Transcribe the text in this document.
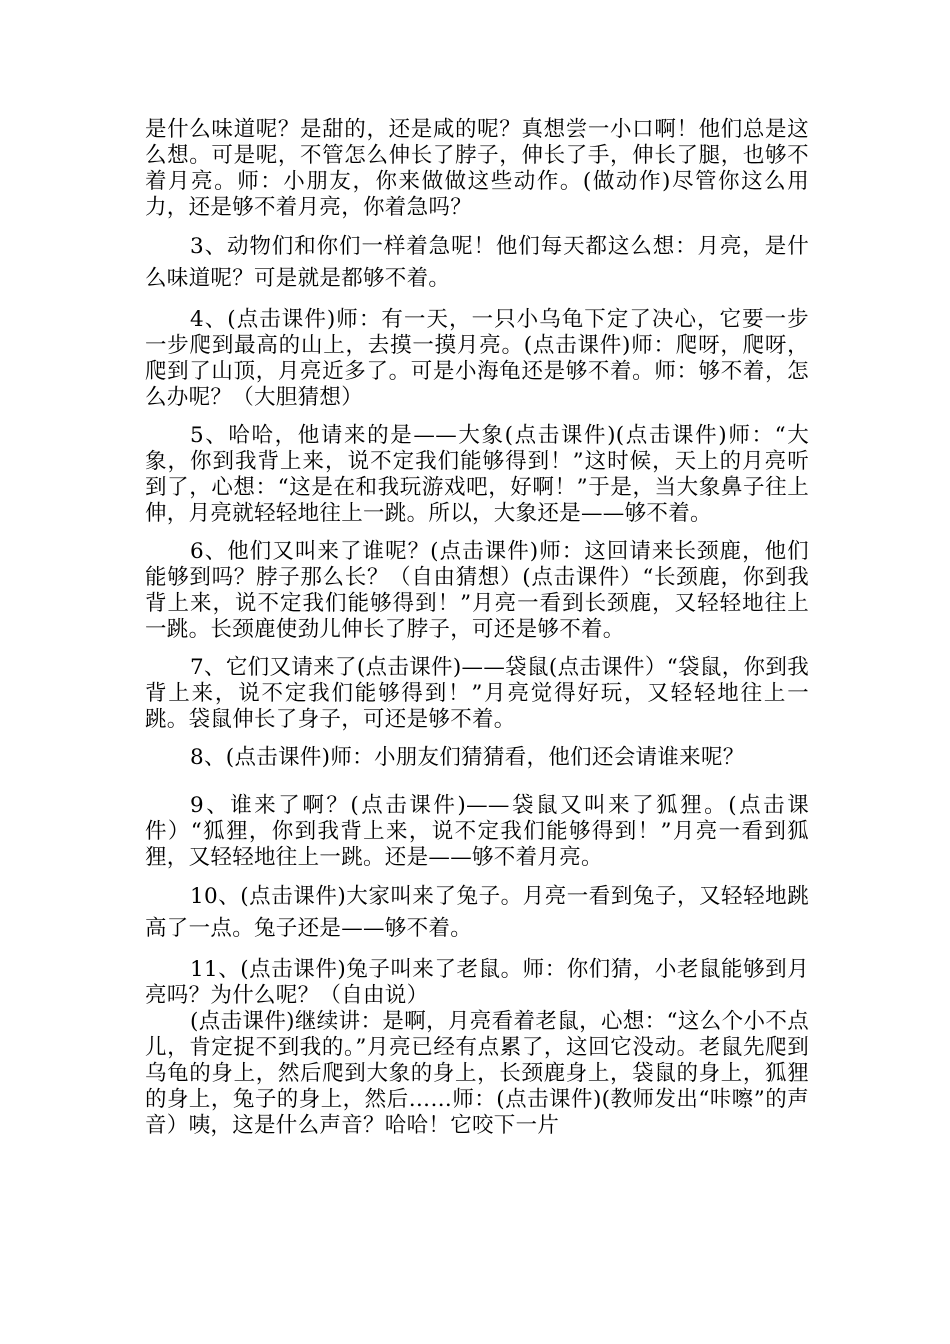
是什么味道呢？是甜的，还是咸的呢？真想尝一小口啊！他们总是这么想。可是呢，不管怎么伸长了脖子，伸长了手，伸长了腿，也够不着月亮。师：小朋友，你来做做这些动作。(做动作)尽管你这么用力，还是够不着月亮，你着急吗？

3、动物们和你们一样着急呢！他们每天都这么想：月亮，是什么味道呢？可是就是都够不着。

4、(点击课件)师：有一天，一只小乌龟下定了决心，它要一步一步爬到最高的山上，去摸一摸月亮。(点击课件)师：爬呀，爬呀，爬到了山顶，月亮近多了。可是小海龟还是够不着。师：够不着，怎么办呢？（大胆猜想）

5、哈哈，他请来的是——大象(点击课件)(点击课件)师：“大象，你到我背上来，说不定我们能够得到！”这时候，天上的月亮听到了，心想：“这是在和我玩游戏吧，好啊！”于是，当大象鼻子往上伸，月亮就轻轻地往上一跳。所以，大象还是——够不着。

6、他们又叫来了谁呢？(点击课件)师：这回请来长颈鹿，他们能够到吗？脖子那么长？（自由猜想）(点击课件）“长颈鹿，你到我背上来，说不定我们能够得到！”月亮一看到长颈鹿，又轻轻地往上一跳。长颈鹿使劲儿伸长了脖子，可还是够不着。

7、它们又请来了(点击课件)——袋鼠(点击课件）“袋鼠，你到我背上来，说不定我们能够得到！”月亮觉得好玩，又轻轻地往上一跳。袋鼠伸长了身子，可还是够不着。

8、(点击课件)师：小朋友们猜猜看，他们还会请谁来呢？

9、谁来了啊？(点击课件)——袋鼠又叫来了狐狸。(点击课件）“狐狸，你到我背上来，说不定我们能够得到！”月亮一看到狐狸，又轻轻地往上一跳。还是——够不着月亮。

10、(点击课件)大家叫来了兔子。月亮一看到兔子，又轻轻地跳高了一点。兔子还是——够不着。

11、(点击课件)兔子叫来了老鼠。师：你们猜，小老鼠能够到月亮吗？为什么呢？（自由说）

(点击课件)继续讲：是啊，月亮看着老鼠，心想：“这么个小不点儿，肯定捉不到我的。”月亮已经有点累了，这回它没动。老鼠先爬到乌龟的身上，然后爬到大象的身上，长颈鹿身上，袋鼠的身上，狐狸的身上，兔子的身上，然后……师：(点击课件)(教师发出“咔嚓”的声音）咦，这是什么声音？哈哈！它咬下一片
